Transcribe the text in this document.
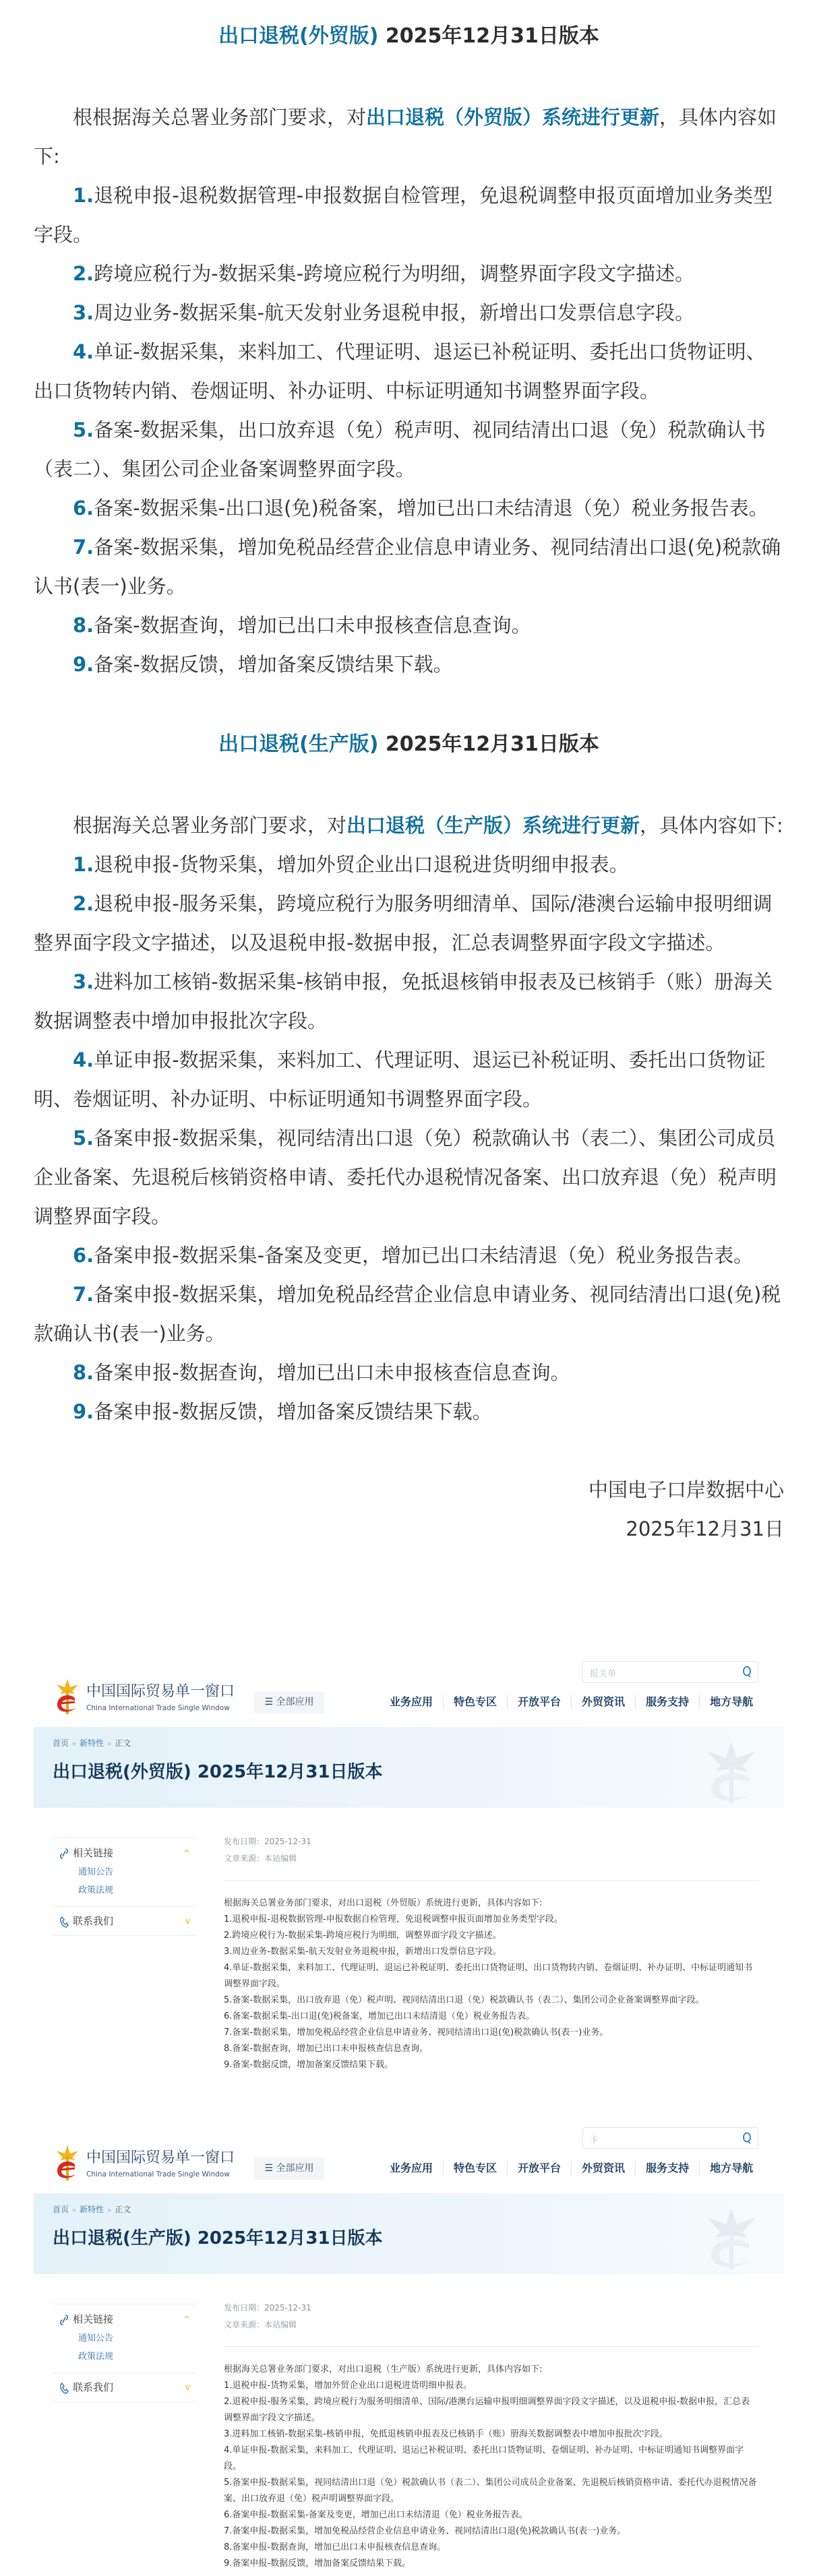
出口退税(外贸版) 2025年12月31日版本

根根据海关总署业务部门要求，对出口退税（外贸版）系统进行更新，具体内容如下:

1.退税申报-退税数据管理-申报数据自检管理，免退税调整申报页面增加业务类型字段。

2.跨境应税行为-数据采集-跨境应税行为明细，调整界面字段文字描述。

3.周边业务-数据采集-航天发射业务退税申报，新增出口发票信息字段。

4.单证-数据采集，来料加工、代理证明、退运已补税证明、委托出口货物证明、出口货物转内销、卷烟证明、补办证明、中标证明通知书调整界面字段。

5.备案-数据采集，出口放弃退（免）税声明、视同结清出口退（免）税款确认书（表二）、集团公司企业备案调整界面字段。

6.备案-数据采集-出口退(免)税备案，增加已出口未结清退（免）税业务报告表。

7.备案-数据采集，增加免税品经营企业信息申请业务、视同结清出口退(免)税款确认书(表一)业务。

8.备案-数据查询，增加已出口未申报核查信息查询。

9.备案-数据反馈，增加备案反馈结果下载。

出口退税(生产版) 2025年12月31日版本

根据海关总署业务部门要求，对出口退税（生产版）系统进行更新，具体内容如下:

1.退税申报-货物采集，增加外贸企业出口退税进货明细申报表。

2.退税申报-服务采集，跨境应税行为服务明细清单、国际/港澳台运输申报明细调整界面字段文字描述，以及退税申报-数据申报，汇总表调整界面字段文字描述。

3.进料加工核销-数据采集-核销申报，免抵退核销申报表及已核销手（账）册海关数据调整表中增加申报批次字段。

4.单证申报-数据采集，来料加工、代理证明、退运已补税证明、委托出口货物证明、卷烟证明、补办证明、中标证明通知书调整界面字段。

5.备案申报-数据采集，视同结清出口退（免）税款确认书（表二）、集团公司成员企业备案、先退税后核销资格申请、委托代办退税情况备案、出口放弃退（免）税声明调整界面字段。

6.备案申报-数据采集-备案及变更，增加已出口未结清退（免）税业务报告表。

7.备案申报-数据采集，增加免税品经营企业信息申请业务、视同结清出口退(免)税款确认书(表一)业务。

8.备案申报-数据查询，增加已出口未申报核查信息查询。

9.备案申报-数据反馈，增加备案反馈结果下载。

中国电子口岸数据中心
2025年12月31日
报关单
中国国际贸易单一窗口
China International Trade Single Window
☰ 全部应用	业务应用	特色专区	开放平台	外贸资讯	服务支持	地方导航
首页 » 新特性 » 正文
出口退税(外贸版) 2025年12月31日版本
相关链接	^
通知公告
政策法规
联系我们	v
发布日期：2025-12-31
文章来源：本站编辑
根据海关总署业务部门要求，对出口退税（外贸版）系统进行更新，具体内容如下:
1.退税申报-退税数据管理-申报数据自检管理，免退税调整申报页面增加业务类型字段。
2.跨境应税行为-数据采集-跨境应税行为明细，调整界面字段文字描述。
3.周边业务-数据采集-航天发射业务退税申报，新增出口发票信息字段。
4.单证-数据采集，来料加工、代理证明、退运已补税证明、委托出口货物证明、出口货物转内销、卷烟证明、补办证明、中标证明通知书调整界面字段。
5.备案-数据采集，出口放弃退（免）税声明、视同结清出口退（免）税款确认书（表二）、集团公司企业备案调整界面字段。
6.备案-数据采集-出口退(免)税备案，增加已出口未结清退（免）税业务报告表。
7.备案-数据采集，增加免税品经营企业信息申请业务、视同结清出口退(免)税款确认书(表一)业务。
8.备案-数据查询，增加已出口未申报核查信息查询。
9.备案-数据反馈，增加备案反馈结果下载。
卡
中国国际贸易单一窗口
China International Trade Single Window
☰ 全部应用	业务应用	特色专区	开放平台	外贸资讯	服务支持	地方导航
首页 » 新特性 » 正文
出口退税(生产版) 2025年12月31日版本
相关链接	^
通知公告
政策法规
联系我们	v
发布日期：2025-12-31
文章来源：本站编辑
根据海关总署业务部门要求，对出口退税（生产版）系统进行更新，具体内容如下:
1.退税申报-货物采集，增加外贸企业出口退税进货明细申报表。
2.退税申报-服务采集，跨境应税行为服务明细清单、国际/港澳台运输申报明细调整界面字段文字描述，以及退税申报-数据申报，汇总表调整界面字段文字描述。
3.进料加工核销-数据采集-核销申报，免抵退核销申报表及已核销手（账）册海关数据调整表中增加申报批次字段。
4.单证申报-数据采集，来料加工、代理证明、退运已补税证明、委托出口货物证明、卷烟证明、补办证明、中标证明通知书调整界面字段。
5.备案申报-数据采集，视同结清出口退（免）税款确认书（表二）、集团公司成员企业备案、先退税后核销资格申请、委托代办退税情况备案、出口放弃退（免）税声明调整界面字段。
6.备案申报-数据采集-备案及变更，增加已出口未结清退（免）税业务报告表。
7.备案申报-数据采集，增加免税品经营企业信息申请业务、视同结清出口退(免)税款确认书(表一)业务。
8.备案申报-数据查询，增加已出口未申报核查信息查询。
9.备案申报-数据反馈，增加备案反馈结果下载。
